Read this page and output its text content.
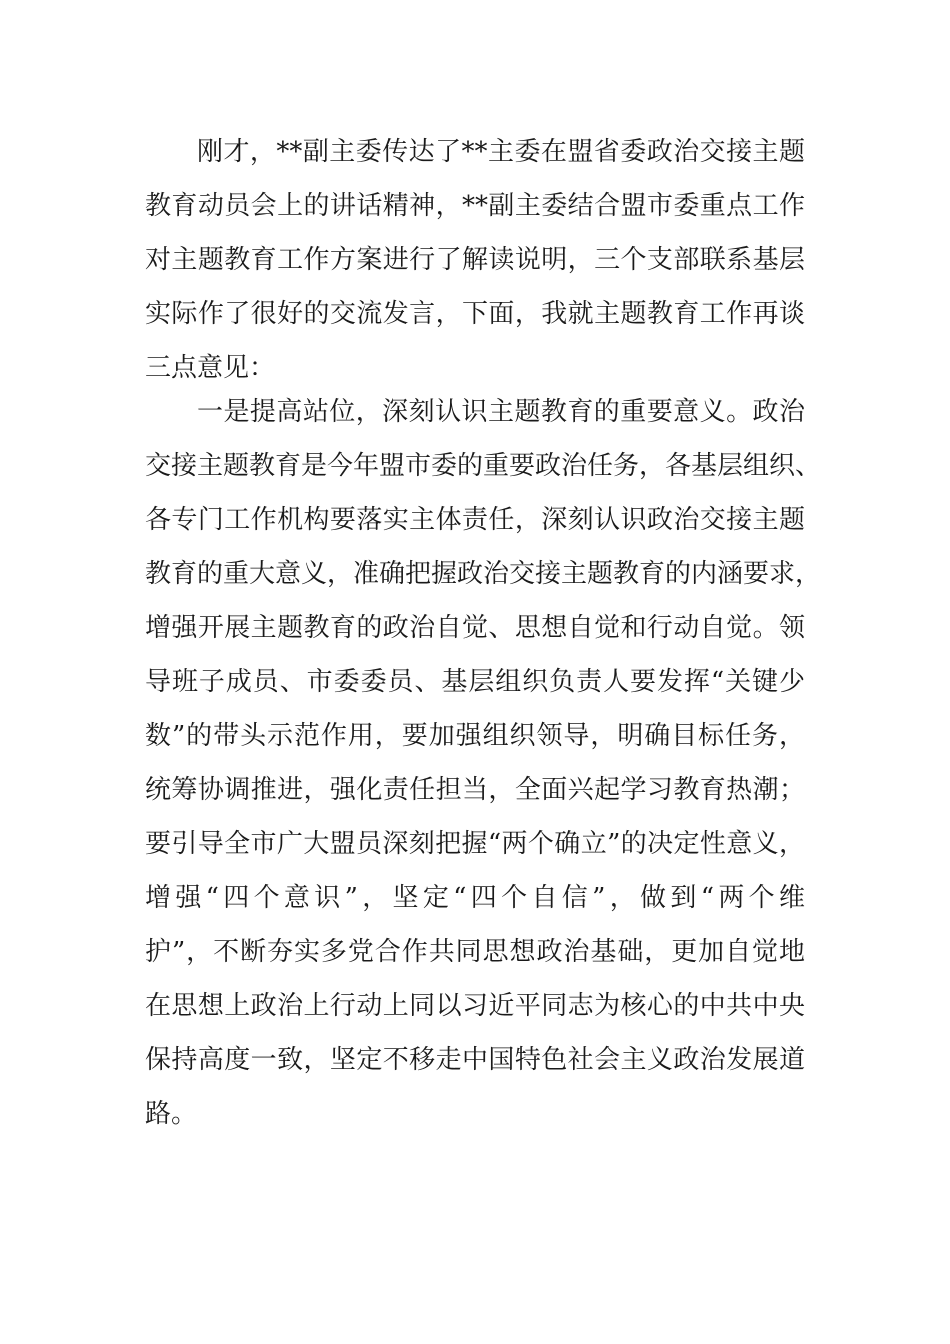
刚才，**副主委传达了**主委在盟省委政治交接主题
教育动员会上的讲话精神，**副主委结合盟市委重点工作
对主题教育工作方案进行了解读说明，三个支部联系基层
实际作了很好的交流发言，下面，我就主题教育工作再谈
三点意见：
一是提高站位，深刻认识主题教育的重要意义。政治
交接主题教育是今年盟市委的重要政治任务，各基层组织、
各专门工作机构要落实主体责任，深刻认识政治交接主题
教育的重大意义，准确把握政治交接主题教育的内涵要求，
增强开展主题教育的政治自觉、思想自觉和行动自觉。领
导班子成员、市委委员、基层组织负责人要发挥“关键少
数”的带头示范作用，要加强组织领导，明确目标任务，
统筹协调推进，强化责任担当，全面兴起学习教育热潮；
要引导全市广大盟员深刻把握“两个确立”的决定性意义，
增强“四个意识”，坚定“四个自信”，做到“两个维
护”，不断夯实多党合作共同思想政治基础，更加自觉地
在思想上政治上行动上同以习近平同志为核心的中共中央
保持高度一致，坚定不移走中国特色社会主义政治发展道
路。
